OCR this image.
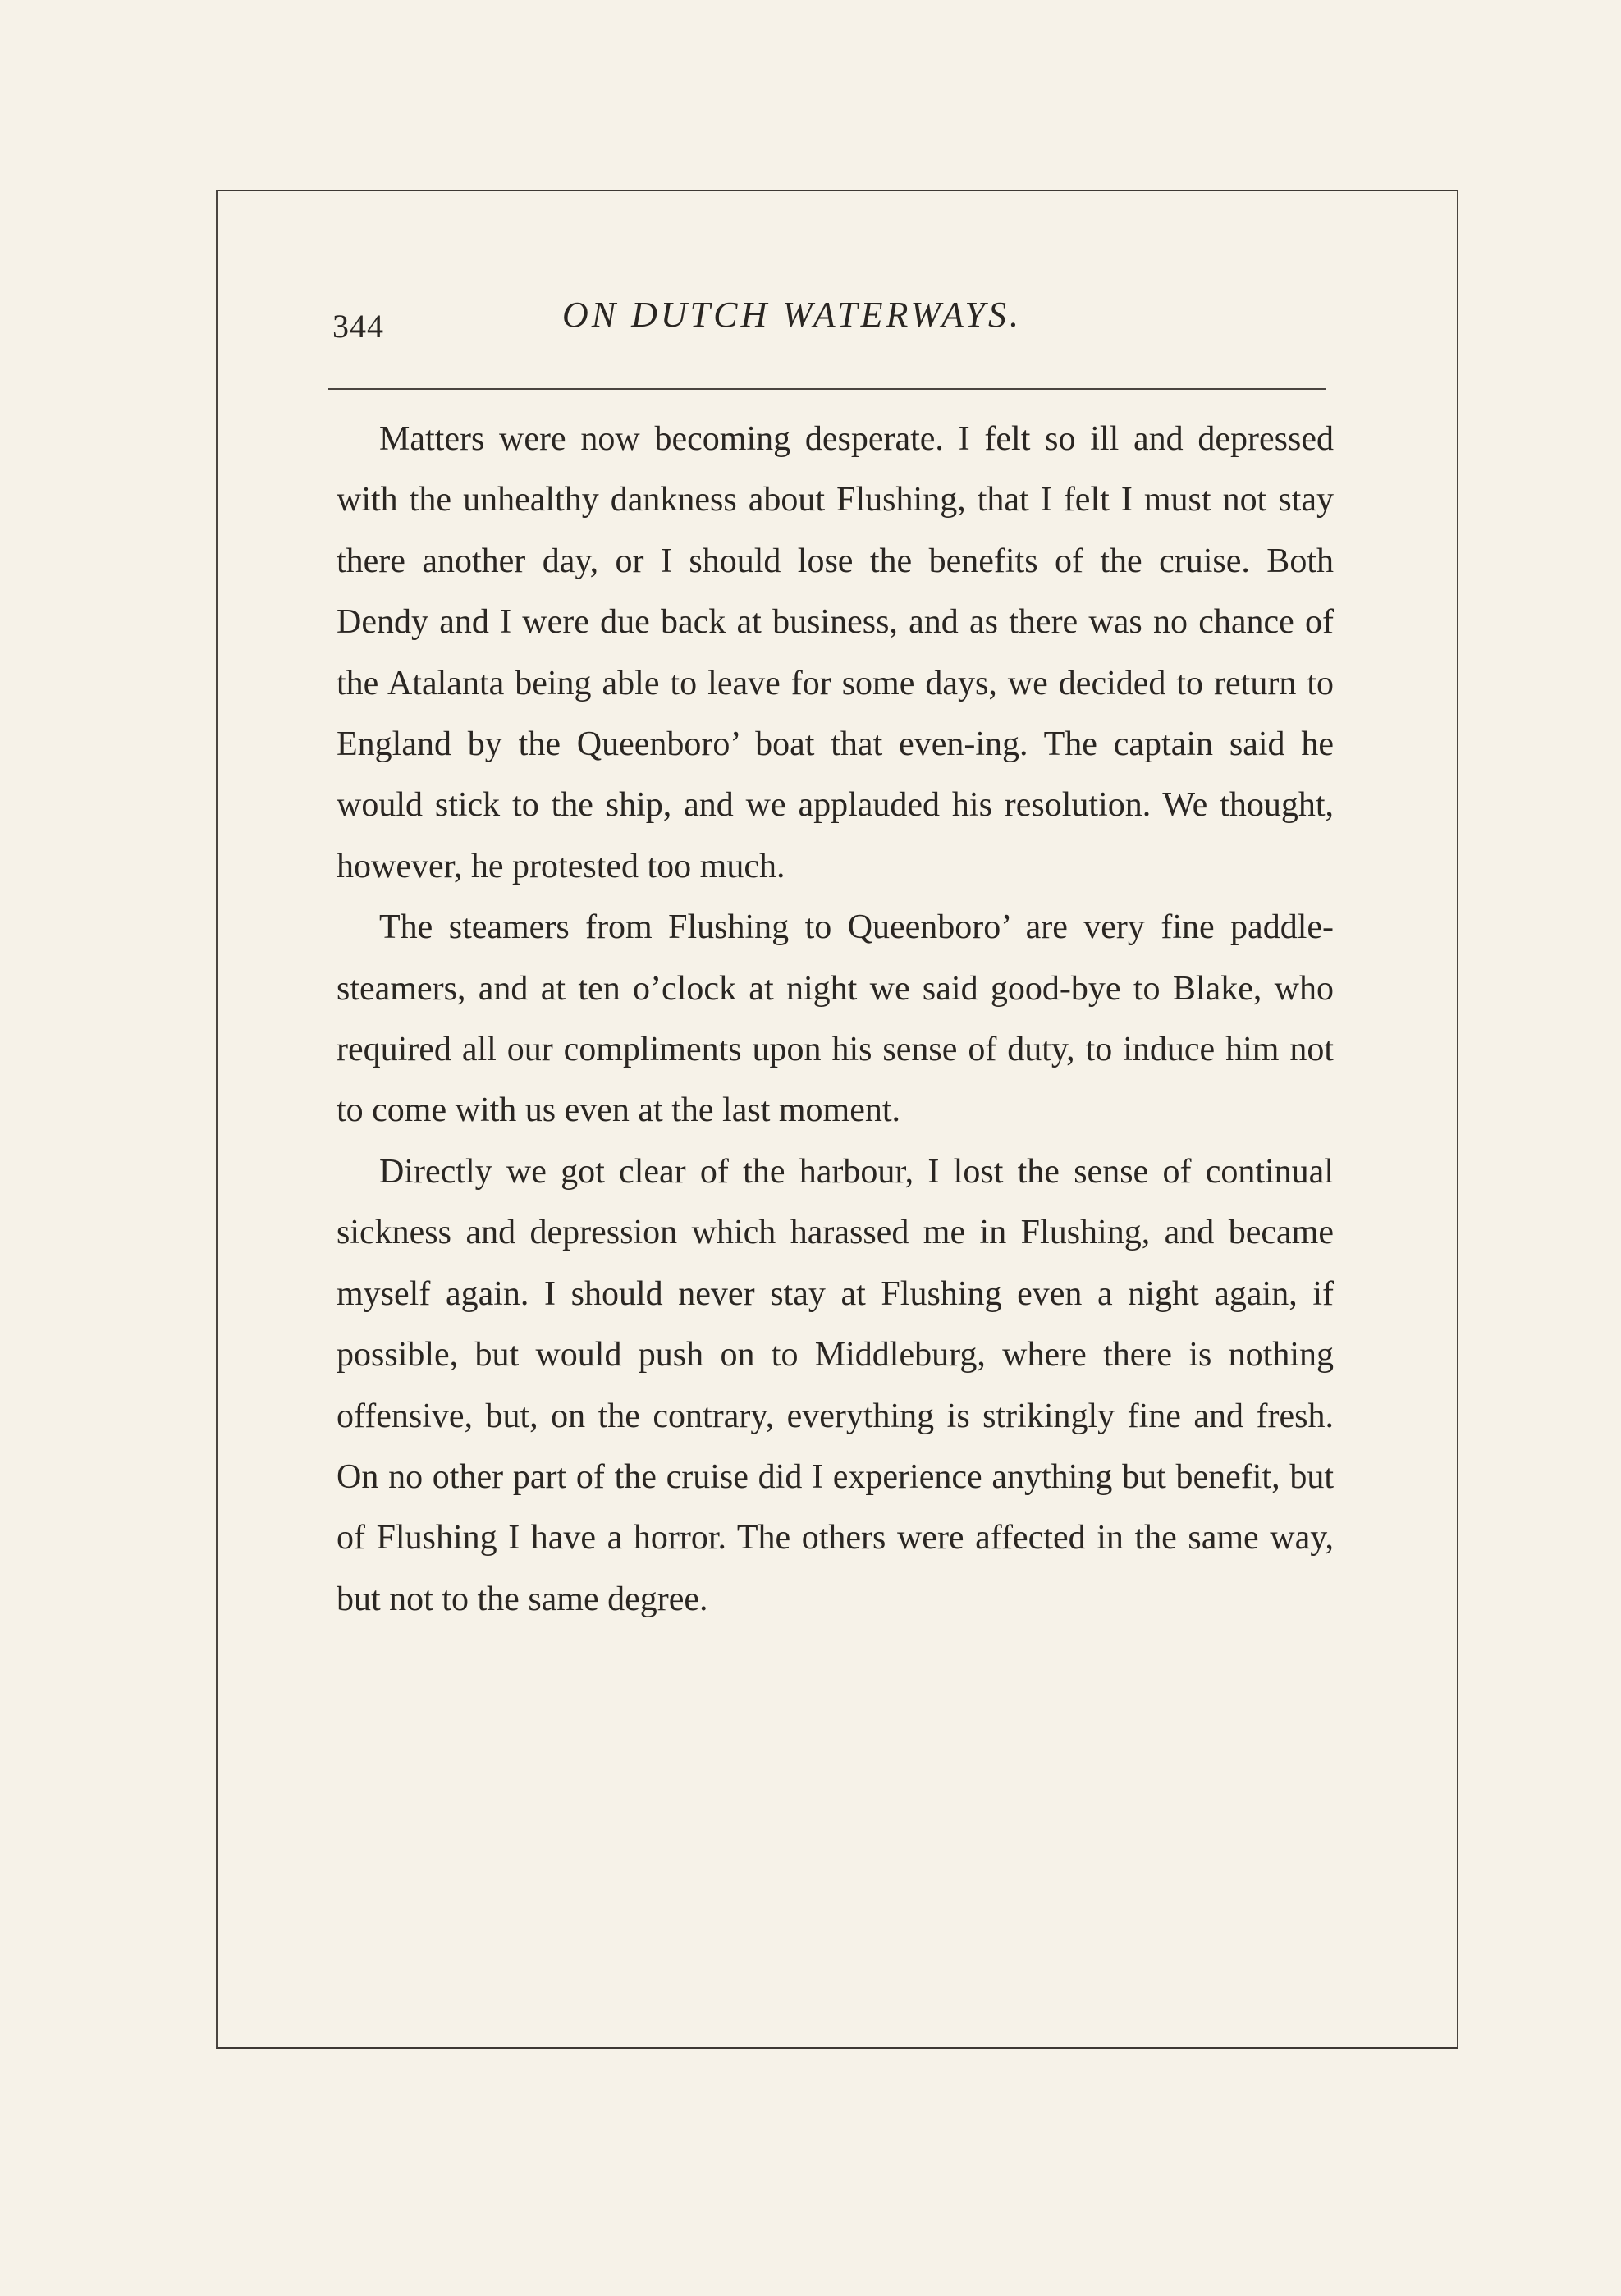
344	ON DUTCH WATERWAYS.

Matters were now becoming desperate. I felt so ill and depressed with the unhealthy dankness about Flushing, that I felt I must not stay there another day, or I should lose the benefits of the cruise. Both Dendy and I were due back at business, and as there was no chance of the Atalanta being able to leave for some days, we decided to return to England by the Queenboro’ boat that even-ing. The captain said he would stick to the ship, and we applauded his resolution. We thought, however, he protested too much.

The steamers from Flushing to Queenboro’ are very fine paddle-steamers, and at ten o’clock at night we said good-bye to Blake, who required all our compliments upon his sense of duty, to induce him not to come with us even at the last moment.

Directly we got clear of the harbour, I lost the sense of continual sickness and depression which harassed me in Flushing, and became myself again. I should never stay at Flushing even a night again, if possible, but would push on to Middleburg, where there is nothing offensive, but, on the contrary, everything is strikingly fine and fresh. On no other part of the cruise did I experience anything but benefit, but of Flushing I have a horror. The others were affected in the same way, but not to the same degree.
